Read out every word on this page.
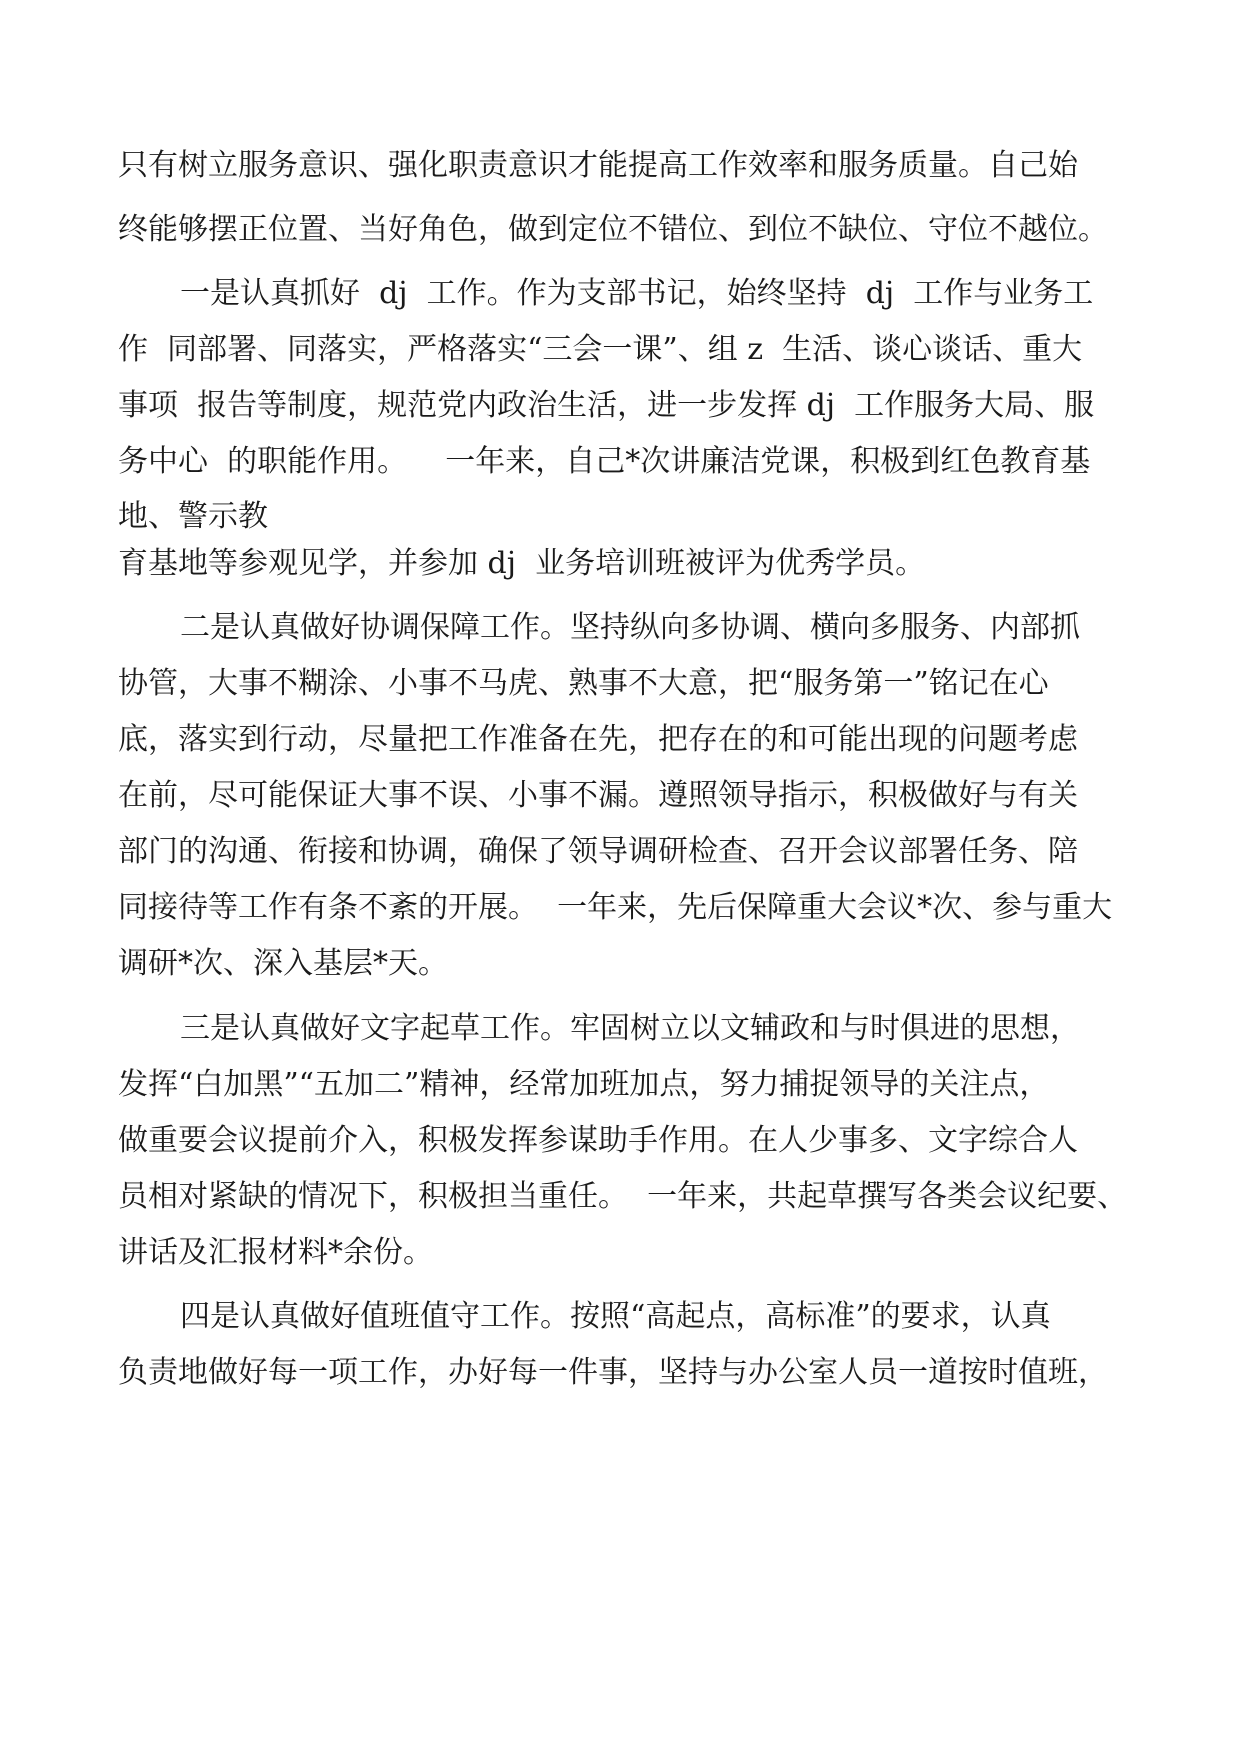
只有树立服务意识、强化职责意识才能提高工作效率和服务质量。自己始

终能够摆正位置、当好角色，做到定位不错位、到位不缺位、守位不越位。

一是认真抓好  dj  工作。作为支部书记，始终坚持  dj  工作与业务工

作  同部署、同落实，严格落实“三会一课”、组 z  生活、谈心谈话、重大

事项  报告等制度，规范党内政治生活，进一步发挥 dj  工作服务大局、服

务中心  的职能作用。    一年来，自己*次讲廉洁党课，积极到红色教育基

地、警示教

育基地等参观见学，并参加 dj  业务培训班被评为优秀学员。

二是认真做好协调保障工作。坚持纵向多协调、横向多服务、内部抓

协管，大事不糊涂、小事不马虎、熟事不大意，把“服务第一”铭记在心

底，落实到行动，尽量把工作准备在先，把存在的和可能出现的问题考虑

在前，尽可能保证大事不误、小事不漏。遵照领导指示，积极做好与有关

部门的沟通、衔接和协调，确保了领导调研检查、召开会议部署任务、陪

同接待等工作有条不紊的开展。  一年来，先后保障重大会议*次、参与重大

调研*次、深入基层*天。

三是认真做好文字起草工作。牢固树立以文辅政和与时俱进的思想，

发挥“白加黑”“五加二”精神，经常加班加点，努力捕捉领导的关注点，

做重要会议提前介入，积极发挥参谋助手作用。在人少事多、文字综合人

员相对紧缺的情况下，积极担当重任。  一年来，共起草撰写各类会议纪要、

讲话及汇报材料*余份。

四是认真做好值班值守工作。按照“高起点，高标准”的要求，认真

负责地做好每一项工作，办好每一件事，坚持与办公室人员一道按时值班，
